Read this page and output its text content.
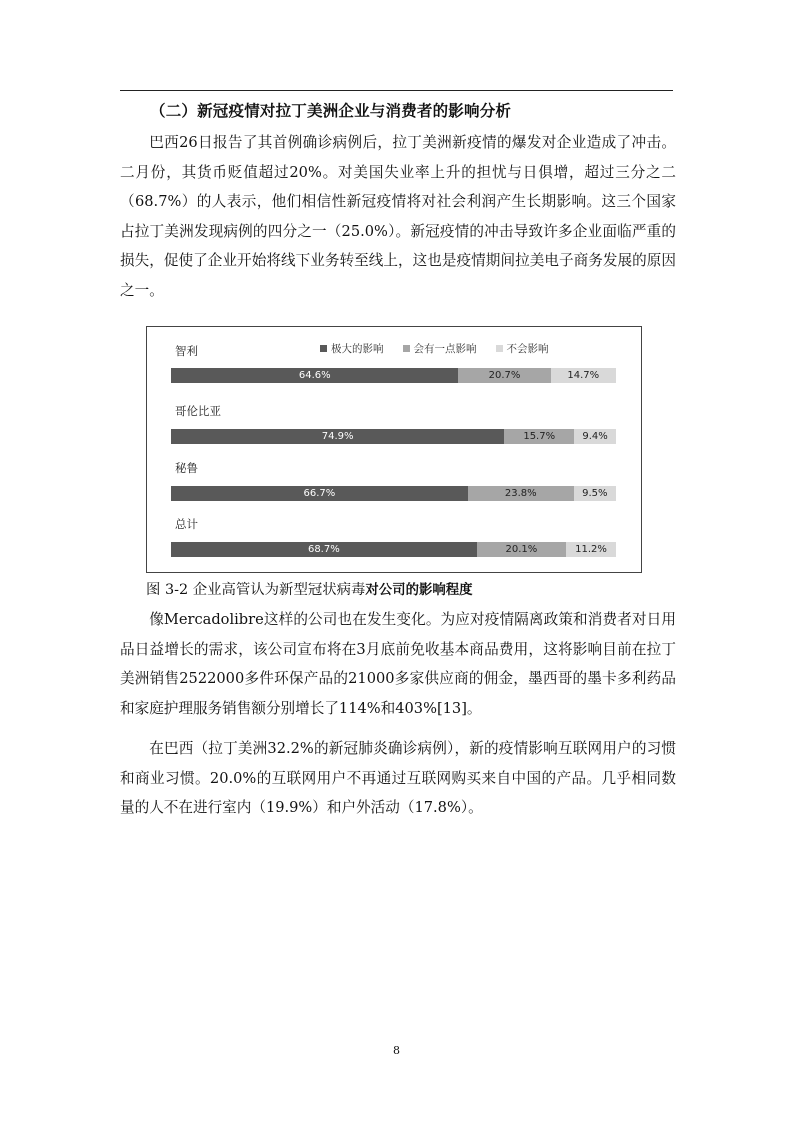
（二）新冠疫情对拉丁美洲企业与消费者的影响分析

巴西26日报告了其首例确诊病例后，拉丁美洲新疫情的爆发对企业造成了冲击。二月份，其货币贬值超过20%。对美国失业率上升的担忧与日俱增，超过三分之二（68.7%）的人表示，他们相信性新冠疫情将对社会利润产生长期影响。这三个国家占拉丁美洲发现病例的四分之一（25.0%）。新冠疫情的冲击导致许多企业面临严重的损失，促使了企业开始将线下业务转至线上，这也是疫情期间拉美电子商务发展的原因之一。

极大的影响	会有一点影响	不会影响
智利
64.6%	20.7%	14.7%
哥伦比亚
74.9%	15.7%	9.4%
秘鲁
66.7%	23.8%	9.5%
总计
68.7%	20.1%	11.2%
图 3-2 企业高管认为新型冠状病毒对公司的影响程度

像Mercadolibre这样的公司也在发生变化。为应对疫情隔离政策和消费者对日用品日益增长的需求，该公司宣布将在3月底前免收基本商品费用，这将影响目前在拉丁美洲销售2522000多件环保产品的21000多家供应商的佣金，墨西哥的墨卡多利药品和家庭护理服务销售额分别增长了114%和403%[13]。

在巴西（拉丁美洲32.2%的新冠肺炎确诊病例），新的疫情影响互联网用户的习惯和商业习惯。20.0%的互联网用户不再通过互联网购买来自中国的产品。几乎相同数量的人不在进行室内（19.9%）和户外活动（17.8%）。

8
